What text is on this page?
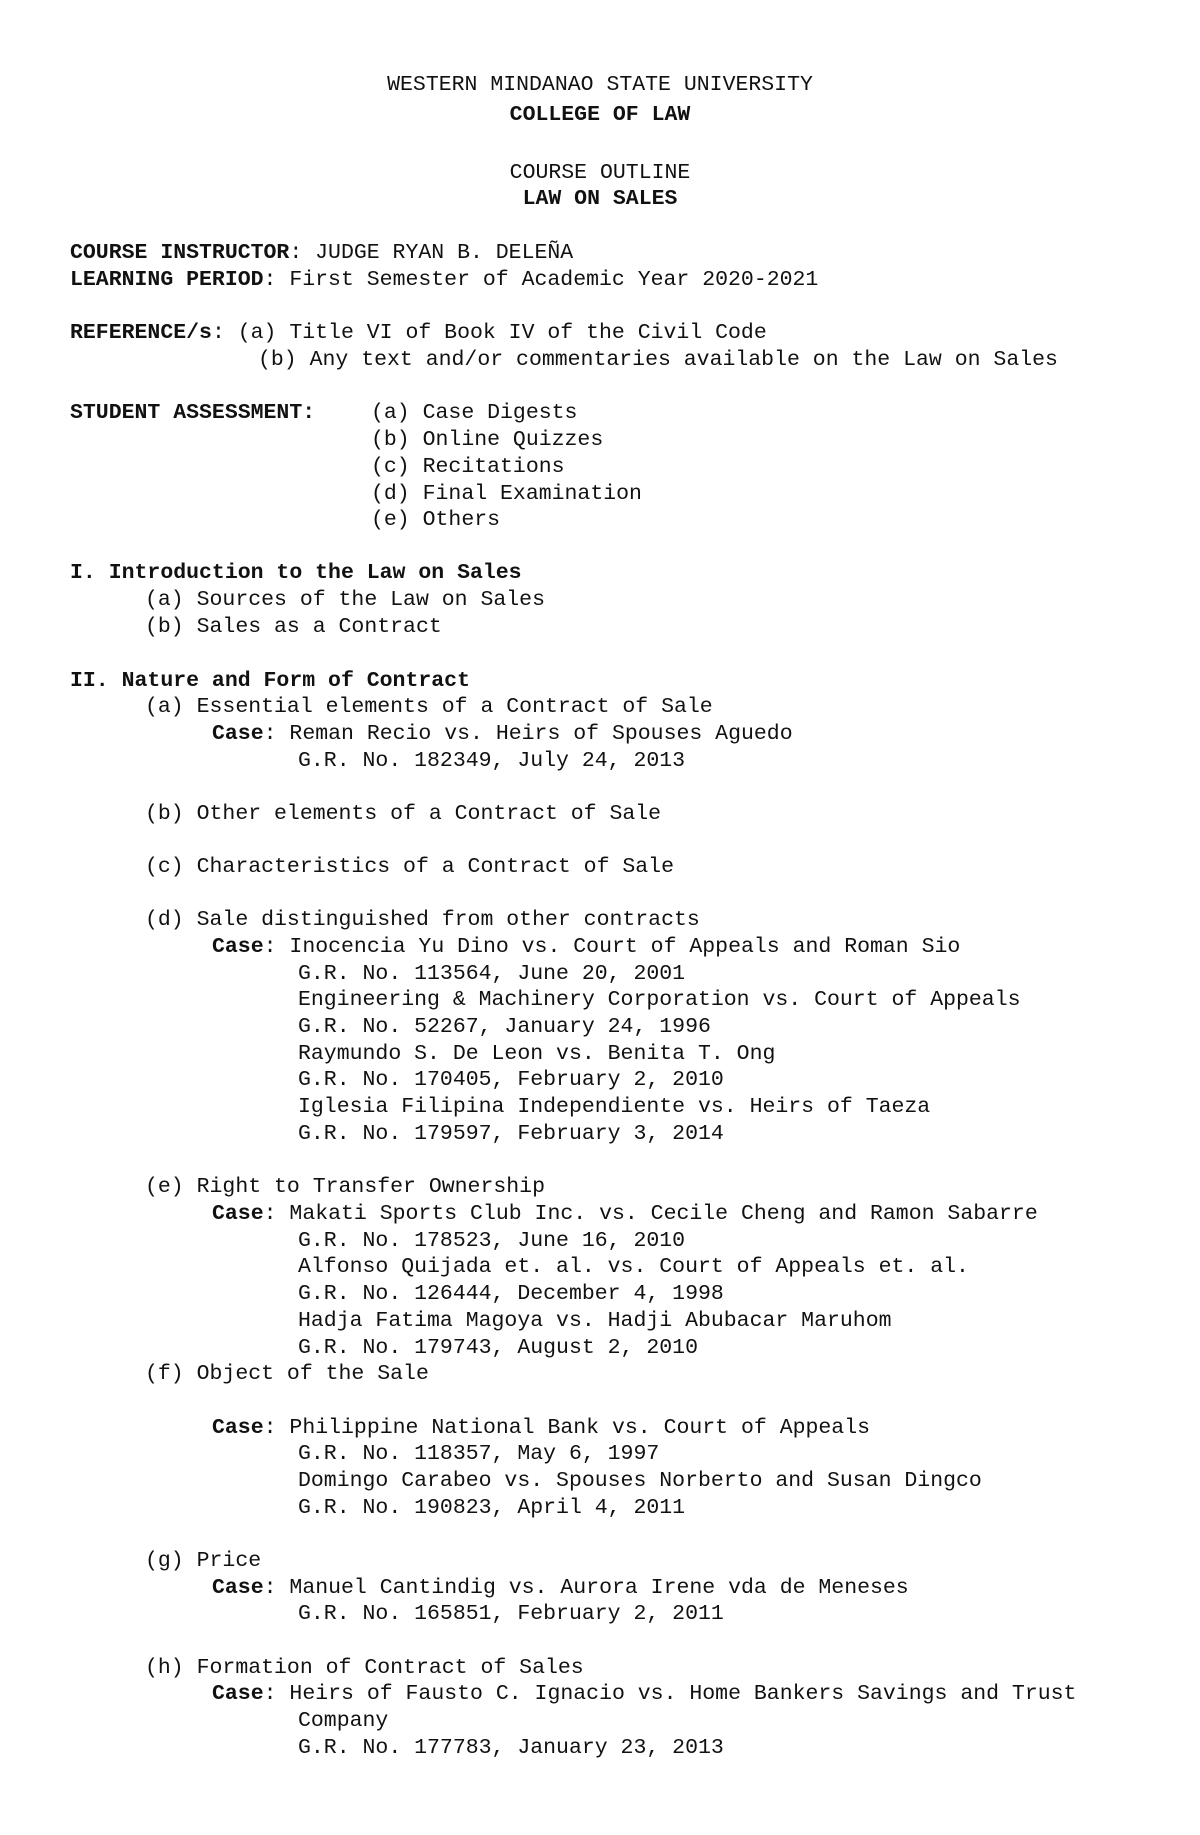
WESTERN MINDANAO STATE UNIVERSITY
COLLEGE OF LAW
COURSE OUTLINE
LAW ON SALES
COURSE INSTRUCTOR: JUDGE RYAN B. DELEÑA
LEARNING PERIOD: First Semester of Academic Year 2020-2021
REFERENCE/s: (a) Title VI of Book IV of the Civil Code
(b) Any text and/or commentaries available on the Law on Sales
STUDENT ASSESSMENT:	(a) Case Digests
(b) Online Quizzes
(c) Recitations
(d) Final Examination
(e) Others
I. Introduction to the Law on Sales
(a) Sources of the Law on Sales
(b) Sales as a Contract
II. Nature and Form of Contract
(a) Essential elements of a Contract of Sale
Case: Reman Recio vs. Heirs of Spouses Aguedo
G.R. No. 182349, July 24, 2013
(b) Other elements of a Contract of Sale
(c) Characteristics of a Contract of Sale
(d) Sale distinguished from other contracts
Case: Inocencia Yu Dino vs. Court of Appeals and Roman Sio
G.R. No. 113564, June 20, 2001
Engineering & Machinery Corporation vs. Court of Appeals
G.R. No. 52267, January 24, 1996
Raymundo S. De Leon vs. Benita T. Ong
G.R. No. 170405, February 2, 2010
Iglesia Filipina Independiente vs. Heirs of Taeza
G.R. No. 179597, February 3, 2014
(e) Right to Transfer Ownership
Case: Makati Sports Club Inc. vs. Cecile Cheng and Ramon Sabarre
G.R. No. 178523, June 16, 2010
Alfonso Quijada et. al. vs. Court of Appeals et. al.
G.R. No. 126444, December 4, 1998
Hadja Fatima Magoya vs. Hadji Abubacar Maruhom
G.R. No. 179743, August 2, 2010
(f) Object of the Sale
Case: Philippine National Bank vs. Court of Appeals
G.R. No. 118357, May 6, 1997
Domingo Carabeo vs. Spouses Norberto and Susan Dingco
G.R. No. 190823, April 4, 2011
(g) Price
Case: Manuel Cantindig vs. Aurora Irene vda de Meneses
G.R. No. 165851, February 2, 2011
(h) Formation of Contract of Sales
Case: Heirs of Fausto C. Ignacio vs. Home Bankers Savings and Trust
Company
G.R. No. 177783, January 23, 2013
